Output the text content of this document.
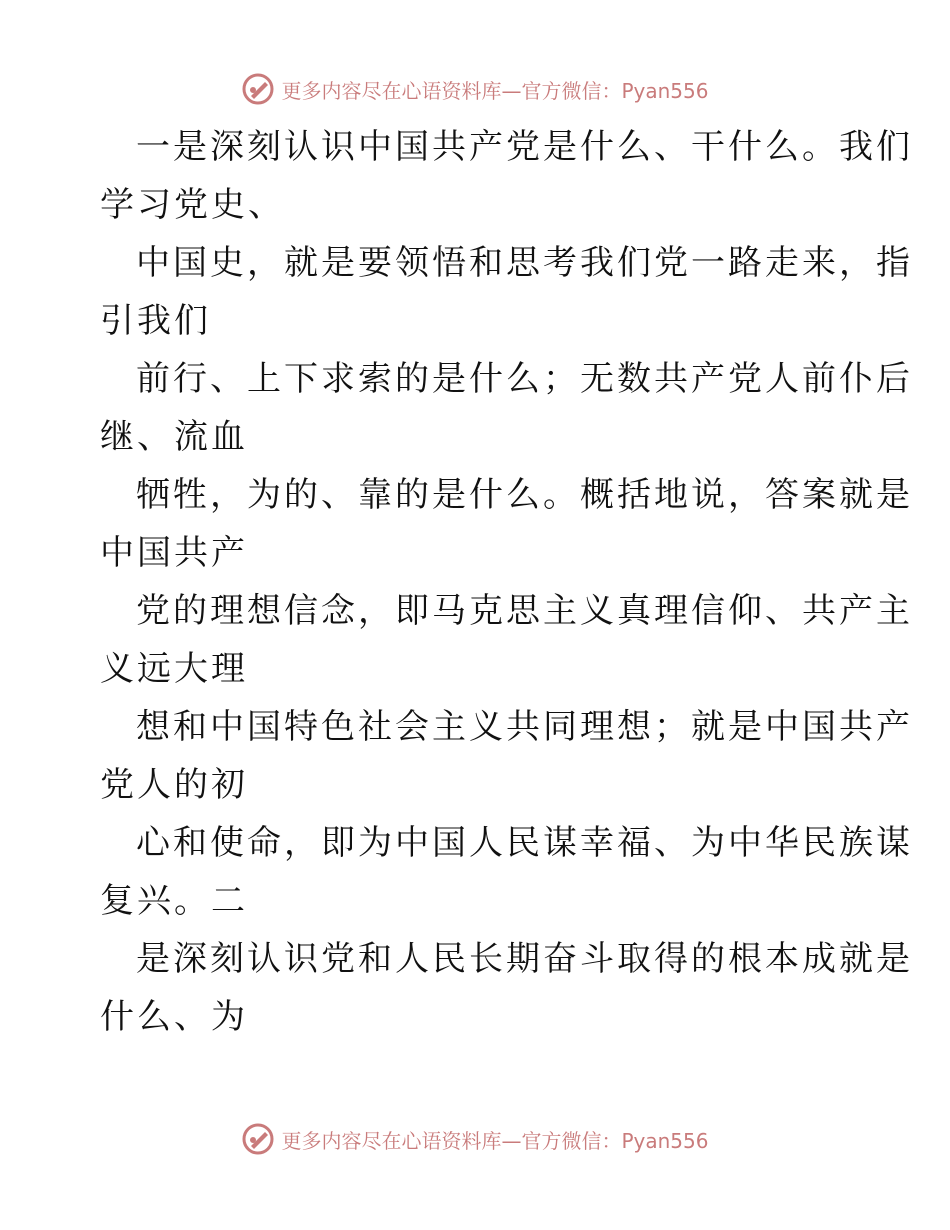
更多内容尽在心语资料库—官方微信：Pyan556
一是深刻认识中国共产党是什么、干什么。我们
学习党史、
中国史，就是要领悟和思考我们党一路走来，指
引我们
前行、上下求索的是什么；无数共产党人前仆后
继、流血
牺牲，为的、靠的是什么。概括地说，答案就是
中国共产
党的理想信念，即马克思主义真理信仰、共产主
义远大理
想和中国特色社会主义共同理想；就是中国共产
党人的初
心和使命，即为中国人民谋幸福、为中华民族谋
复兴。二
是深刻认识党和人民长期奋斗取得的根本成就是
什么、为
更多内容尽在心语资料库—官方微信：Pyan556
